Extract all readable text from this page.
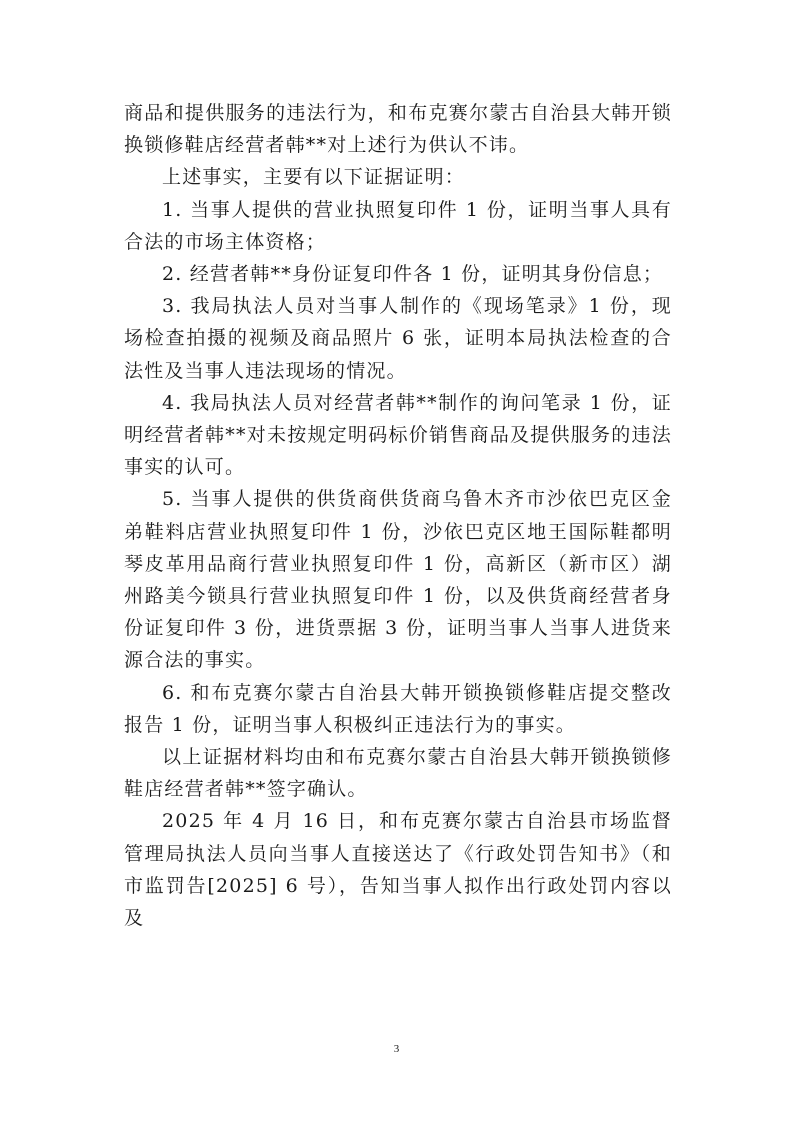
商品和提供服务的违法行为，和布克赛尔蒙古自治县大韩开锁换锁修鞋店经营者韩**对上述行为供认不讳。

上述事实，主要有以下证据证明：

1. 当事人提供的营业执照复印件 1 份，证明当事人具有合法的市场主体资格；

2. 经营者韩**身份证复印件各 1 份，证明其身份信息；

3. 我局执法人员对当事人制作的《现场笔录》1 份，现场检查拍摄的视频及商品照片 6 张，证明本局执法检查的合法性及当事人违法现场的情况。

4. 我局执法人员对经营者韩**制作的询问笔录 1 份，证明经营者韩**对未按规定明码标价销售商品及提供服务的违法事实的认可。

5. 当事人提供的供货商供货商乌鲁木齐市沙依巴克区金弟鞋料店营业执照复印件 1 份，沙依巴克区地王国际鞋都明琴皮革用品商行营业执照复印件 1 份，高新区（新市区）湖州路美今锁具行营业执照复印件 1 份，以及供货商经营者身份证复印件 3 份，进货票据 3 份，证明当事人当事人进货来源合法的事实。

6. 和布克赛尔蒙古自治县大韩开锁换锁修鞋店提交整改报告 1 份，证明当事人积极纠正违法行为的事实。

以上证据材料均由和布克赛尔蒙古自治县大韩开锁换锁修鞋店经营者韩**签字确认。

2025 年 4 月 16 日，和布克赛尔蒙古自治县市场监督管理局执法人员向当事人直接送达了《行政处罚告知书》（和市监罚告[2025] 6 号），告知当事人拟作出行政处罚内容以及

3
